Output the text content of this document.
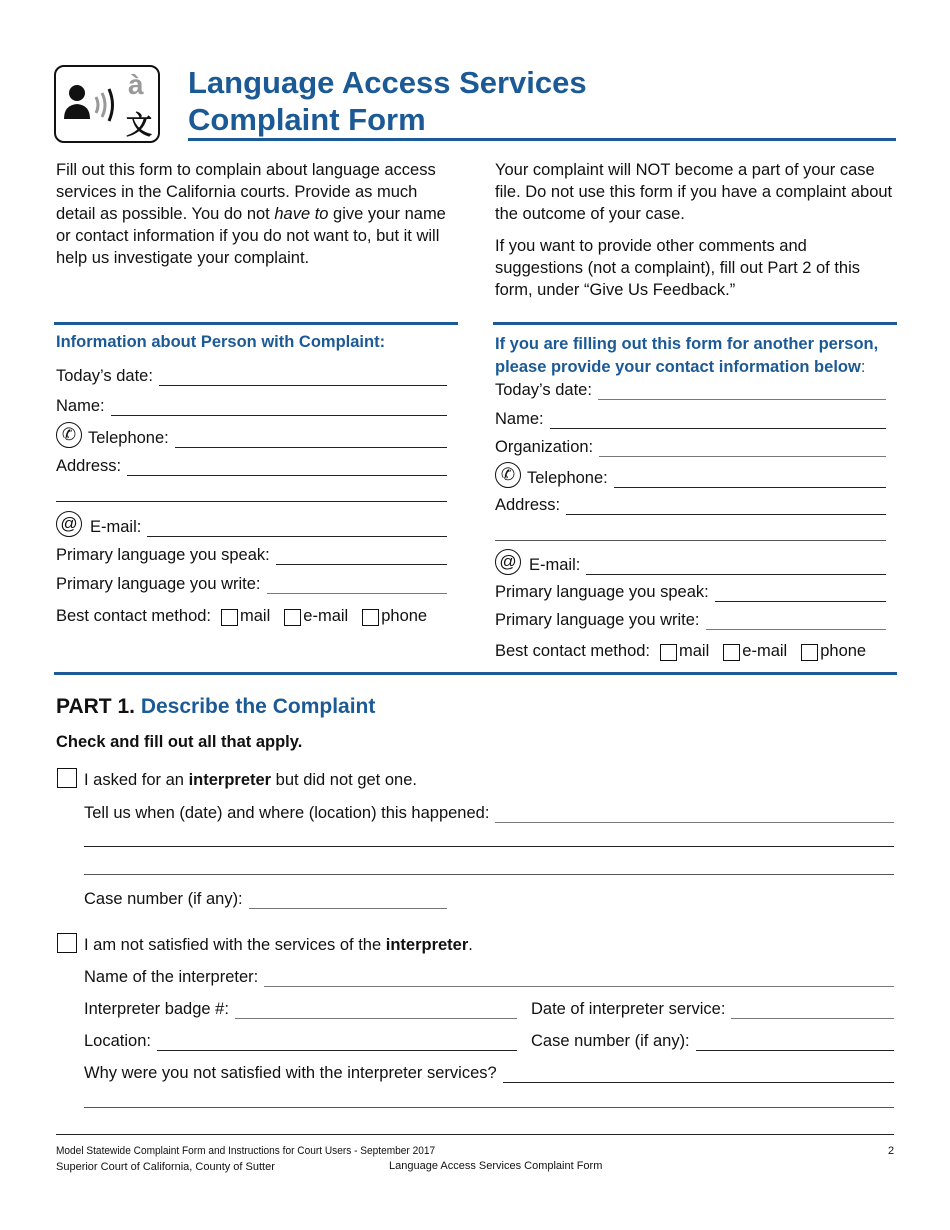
à
文
Language Access Services
Complaint Form
Fill out this form to complain about language access services in the California courts. Provide as much detail as possible. You do not have to give your name or contact information if you do not want to, but it will help us investigate your complaint.

Your complaint will NOT become a part of your case file. Do not use this form if you have a complaint about the outcome of your case.

If you want to provide other comments and suggestions (not a complaint), fill out Part 2 of this form, under “Give Us Feedback.”

Information about Person with Complaint:
Today’s date:
Name:
✆ Telephone:
Address:
@ E-mail:
Primary language you speak:
Primary language you write:
Best contact method: mail e-mail phone
If you are filling out this form for another person,
please provide your contact information below:
Today’s date:
Name:
Organization:
✆ Telephone:
Address:
@ E-mail:
Primary language you speak:
Primary language you write:
Best contact method: mail e-mail phone
PART 1. Describe the Complaint
Check and fill out all that apply.
I asked for an interpreter but did not get one.
Tell us when (date) and where (location) this happened:
Case number (if any):
I am not satisfied with the services of the interpreter.
Name of the interpreter:
Interpreter badge #:	Date of interpreter service:
Location:	Case number (if any):
Why were you not satisfied with the interpreter services?
Model Statewide Complaint Form and Instructions for Court Users - September 2017
Superior Court of California, County of Sutter	Language Access Services Complaint Form
2
